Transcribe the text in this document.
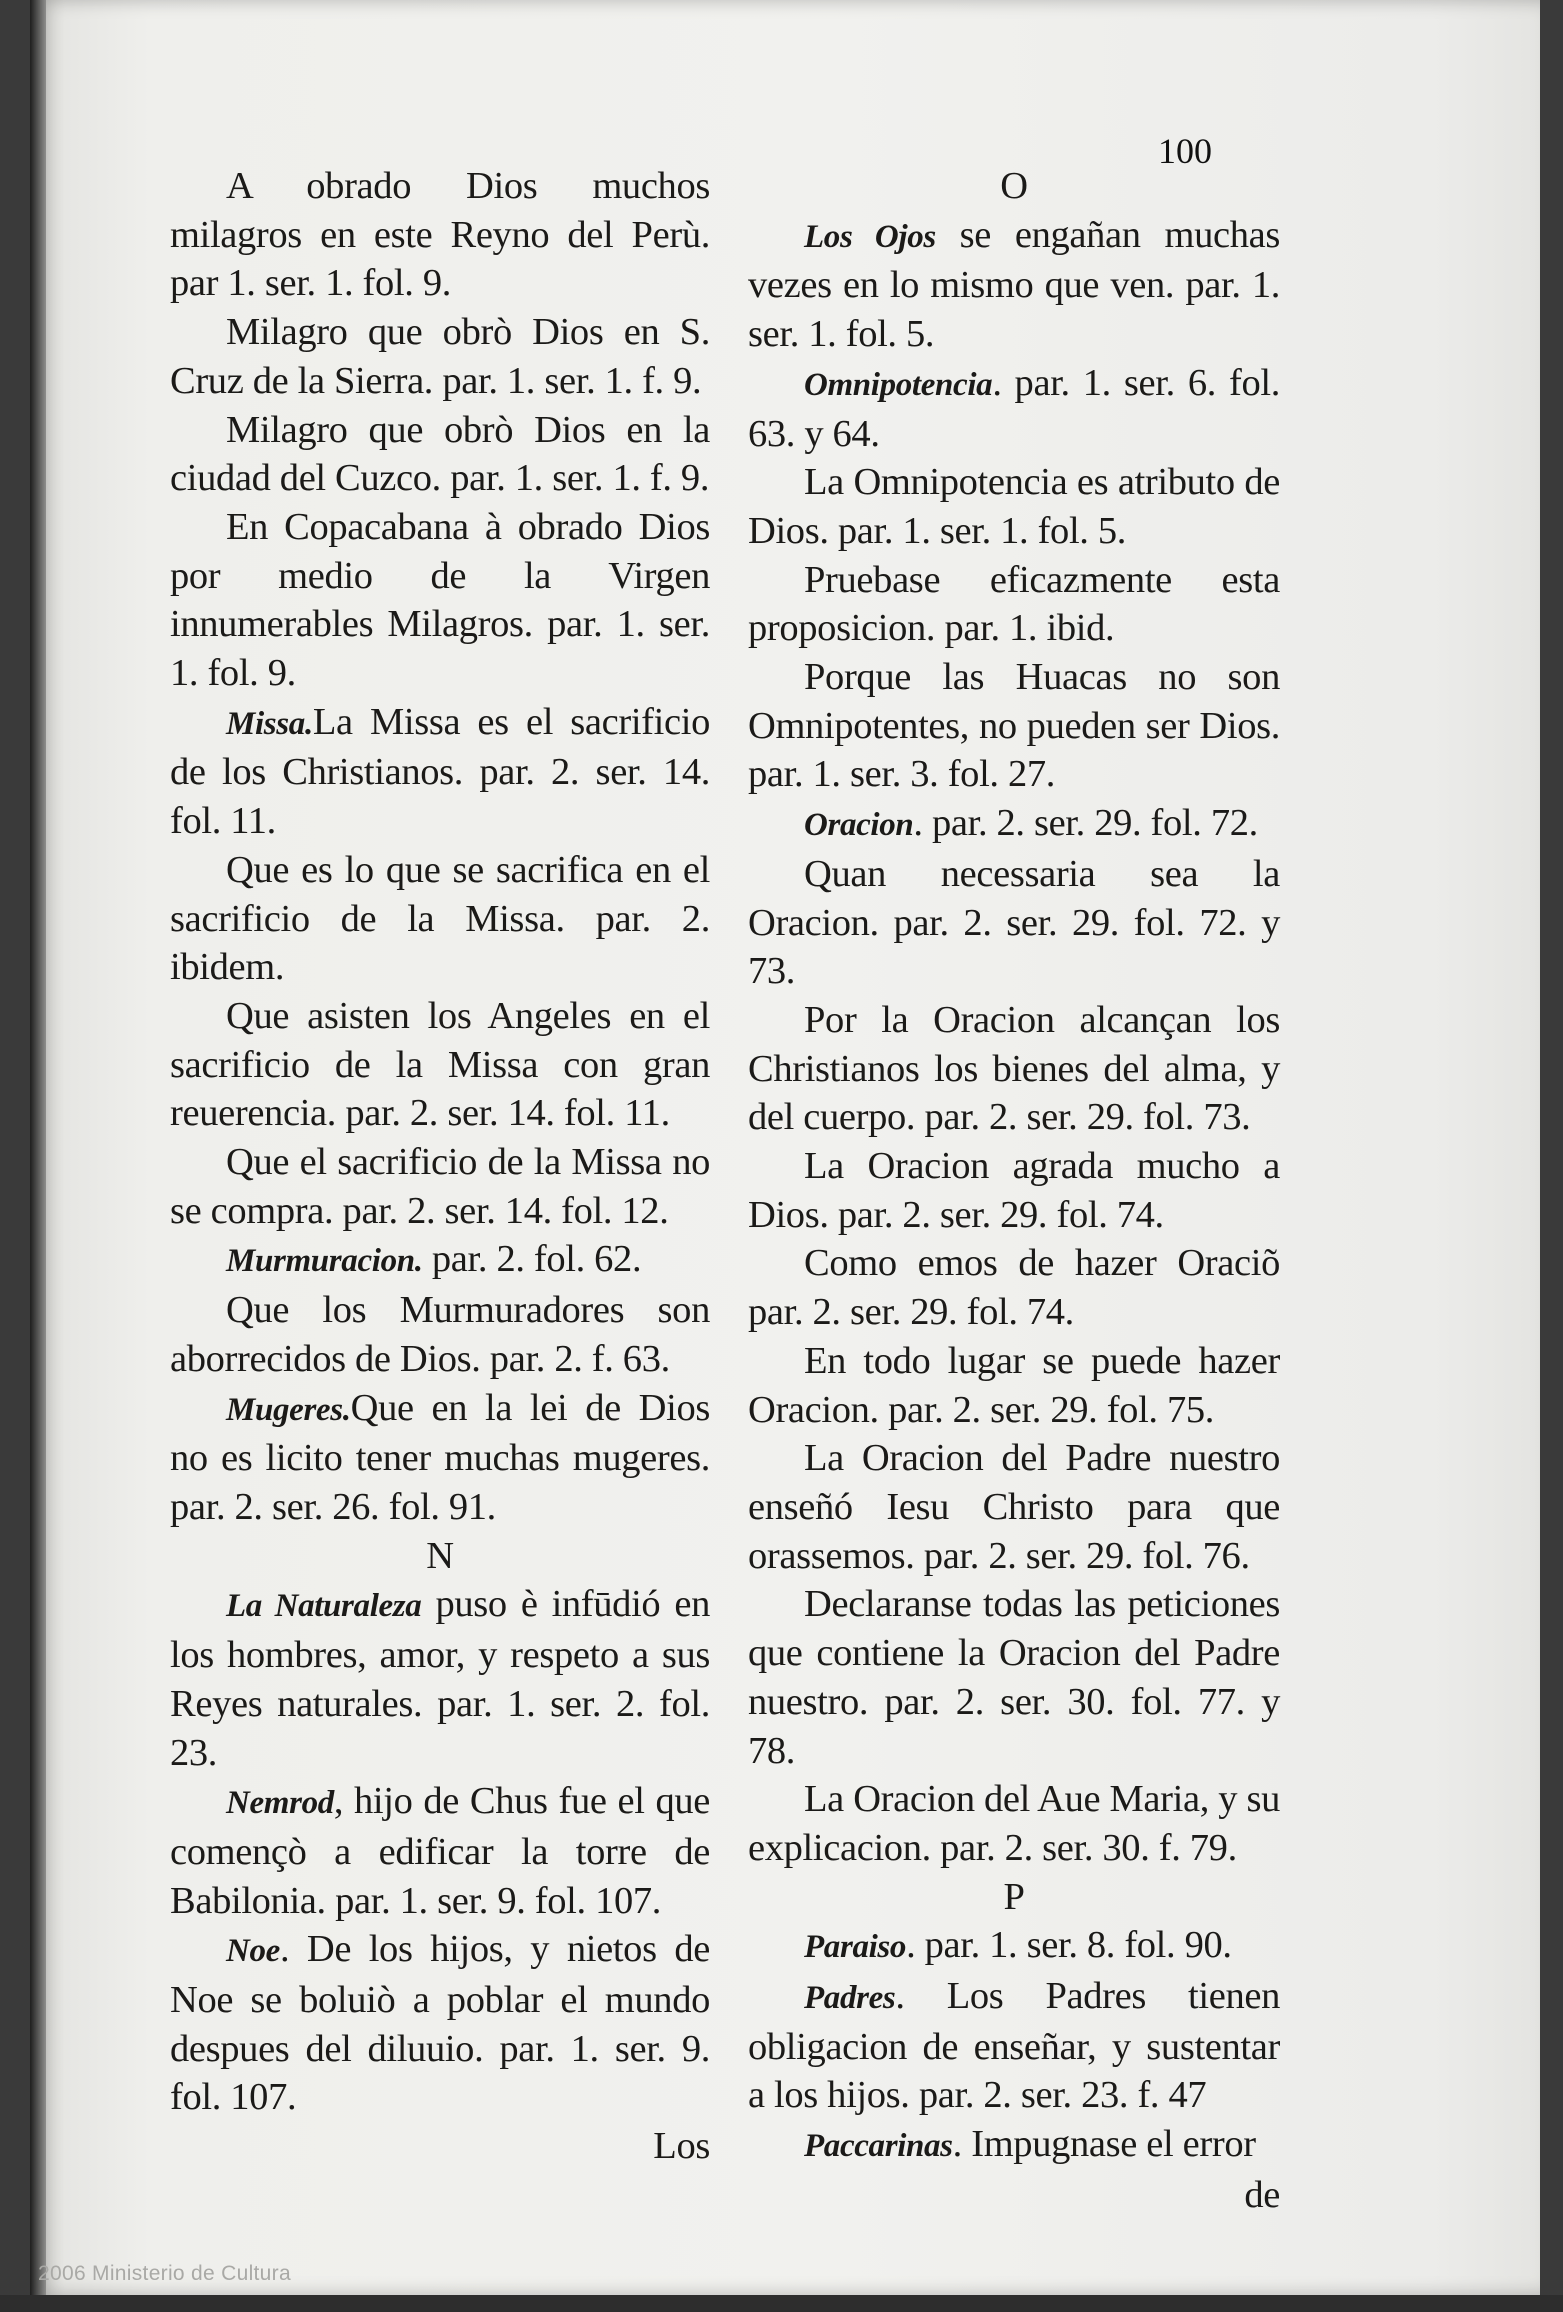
100

A obrado Dios muchos milagros en este Reyno del Perù. par 1. ser. 1. fol. 9.

Milagro que obrò Dios en S. Cruz de la Sierra. par. 1. ser. 1. f. 9.

Milagro que obrò Dios en la ciudad del Cuzco. par. 1. ser. 1. f. 9.

En Copacabana à obrado Dios por medio de la Virgen innumerables Milagros. par. 1. ser. 1. fol. 9.

Missa.La Missa es el sacrificio de los Christianos. par. 2. ser. 14. fol. 11.

Que es lo que se sacrifica en el sacrificio de la Missa. par. 2. ibidem.

Que asisten los Angeles en el sacrificio de la Missa con gran reuerencia. par. 2. ser. 14. fol. 11.

Que el sacrificio de la Missa no se compra. par. 2. ser. 14. fol. 12.

Murmuracion. par. 2. fol. 62.

Que los Murmuradores son aborrecidos de Dios. par. 2. f. 63.

Mugeres.Que en la lei de Dios no es licito tener muchas mugeres. par. 2. ser. 26. fol. 91.

N

La Naturaleza puso è infūdió en los hombres, amor, y respeto a sus Reyes naturales. par. 1. ser. 2. fol. 23.

Nemrod, hijo de Chus fue el que començò a edificar la torre de Babilonia. par. 1. ser. 9. fol. 107.

Noe. De los hijos, y nietos de Noe se boluiò a poblar el mundo despues del diluuio. par. 1. ser. 9. fol. 107.

Los

O

Los Ojos se engañan muchas vezes en lo mismo que ven. par. 1. ser. 1. fol. 5.

Omnipotencia. par. 1. ser. 6. fol. 63. y 64.

La Omnipotencia es atributo de Dios. par. 1. ser. 1. fol. 5.

Pruebase eficazmente esta proposicion. par. 1. ibid.

Porque las Huacas no son Omnipotentes, no pueden ser Dios. par. 1. ser. 3. fol. 27.

Oracion. par. 2. ser. 29. fol. 72.

Quan necessaria sea la Oracion. par. 2. ser. 29. fol. 72. y 73.

Por la Oracion alcançan los Christianos los bienes del alma, y del cuerpo. par. 2. ser. 29. fol. 73.

La Oracion agrada mucho a Dios. par. 2. ser. 29. fol. 74.

Como emos de hazer Oraciõ par. 2. ser. 29. fol. 74.

En todo lugar se puede hazer Oracion. par. 2. ser. 29. fol. 75.

La Oracion del Padre nuestro enseñó Iesu Christo para que orassemos. par. 2. ser. 29. fol. 76.

Declaranse todas las peticiones que contiene la Oracion del Padre nuestro. par. 2. ser. 30. fol. 77. y 78.

La Oracion del Aue Maria, y su explicacion. par. 2. ser. 30. f. 79.

P

Paraiso. par. 1. ser. 8. fol. 90.

Padres. Los Padres tienen obligacion de enseñar, y sustentar a los hijos. par. 2. ser. 23. f. 47

Paccarinas. Impugnase el error

de

2006 Ministerio de Cultura
